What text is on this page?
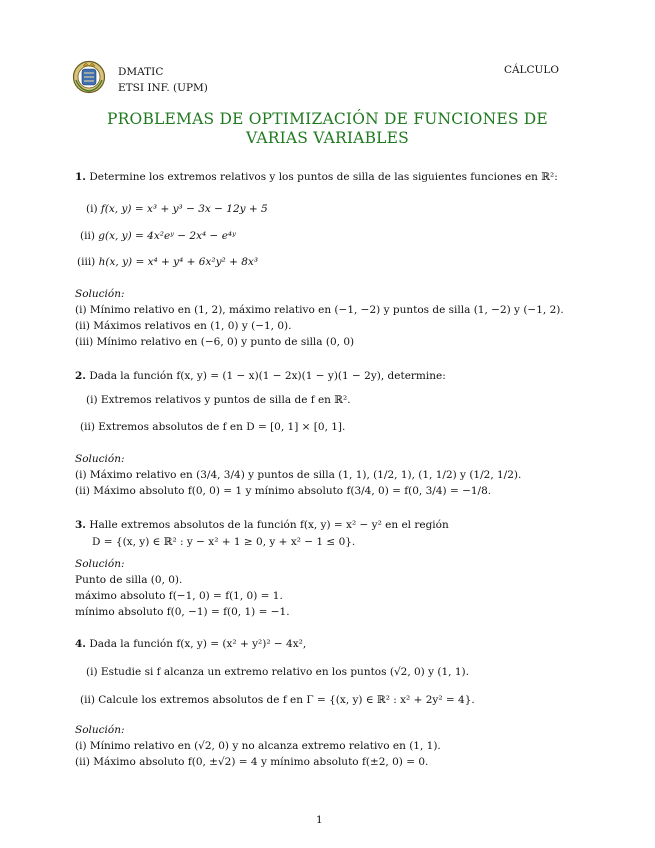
DMATIC
ETSI INF. (UPM)
CÁLCULO
PROBLEMAS DE OPTIMIZACIÓN DE FUNCIONES DE
VARIAS VARIABLES
1. Determine los extremos relativos y los puntos de silla de las siguientes funciones en ℝ²:
(i) f(x, y) = x³ + y³ − 3x − 12y + 5
(ii) g(x, y) = 4x²eʸ − 2x⁴ − e⁴ʸ
(iii) h(x, y) = x⁴ + y⁴ + 6x²y² + 8x³
Solución:
(i) Mínimo relativo en (1, 2), máximo relativo en (−1, −2) y puntos de silla (1, −2) y (−1, 2).
(ii) Máximos relativos en (1, 0) y (−1, 0).
(iii) Mínimo relativo en (−6, 0) y punto de silla (0, 0)
2. Dada la función f(x, y) = (1 − x)(1 − 2x)(1 − y)(1 − 2y), determine:
(i) Extremos relativos y puntos de silla de f en ℝ².
(ii) Extremos absolutos de f en D = [0, 1] × [0, 1].
Solución:
(i) Máximo relativo en (3/4, 3/4) y puntos de silla (1, 1), (1/2, 1), (1, 1/2) y (1/2, 1/2).
(ii) Máximo absoluto f(0, 0) = 1 y mínimo absoluto f(3/4, 0) = f(0, 3/4) = −1/8.
3. Halle extremos absolutos de la función f(x, y) = x² − y² en el región
D = {(x, y) ∈ ℝ² : y − x² + 1 ≥ 0, y + x² − 1 ≤ 0}.
Solución:
Punto de silla (0, 0).
máximo absoluto f(−1, 0) = f(1, 0) = 1.
mínimo absoluto f(0, −1) = f(0, 1) = −1.
4. Dada la función f(x, y) = (x² + y²)² − 4x²,
(i) Estudie si f alcanza un extremo relativo en los puntos (√2, 0) y (1, 1).
(ii) Calcule los extremos absolutos de f en Γ = {(x, y) ∈ ℝ² : x² + 2y² = 4}.
Solución:
(i) Mínimo relativo en (√2, 0) y no alcanza extremo relativo en (1, 1).
(ii) Máximo absoluto f(0, ±√2) = 4 y mínimo absoluto f(±2, 0) = 0.
1
